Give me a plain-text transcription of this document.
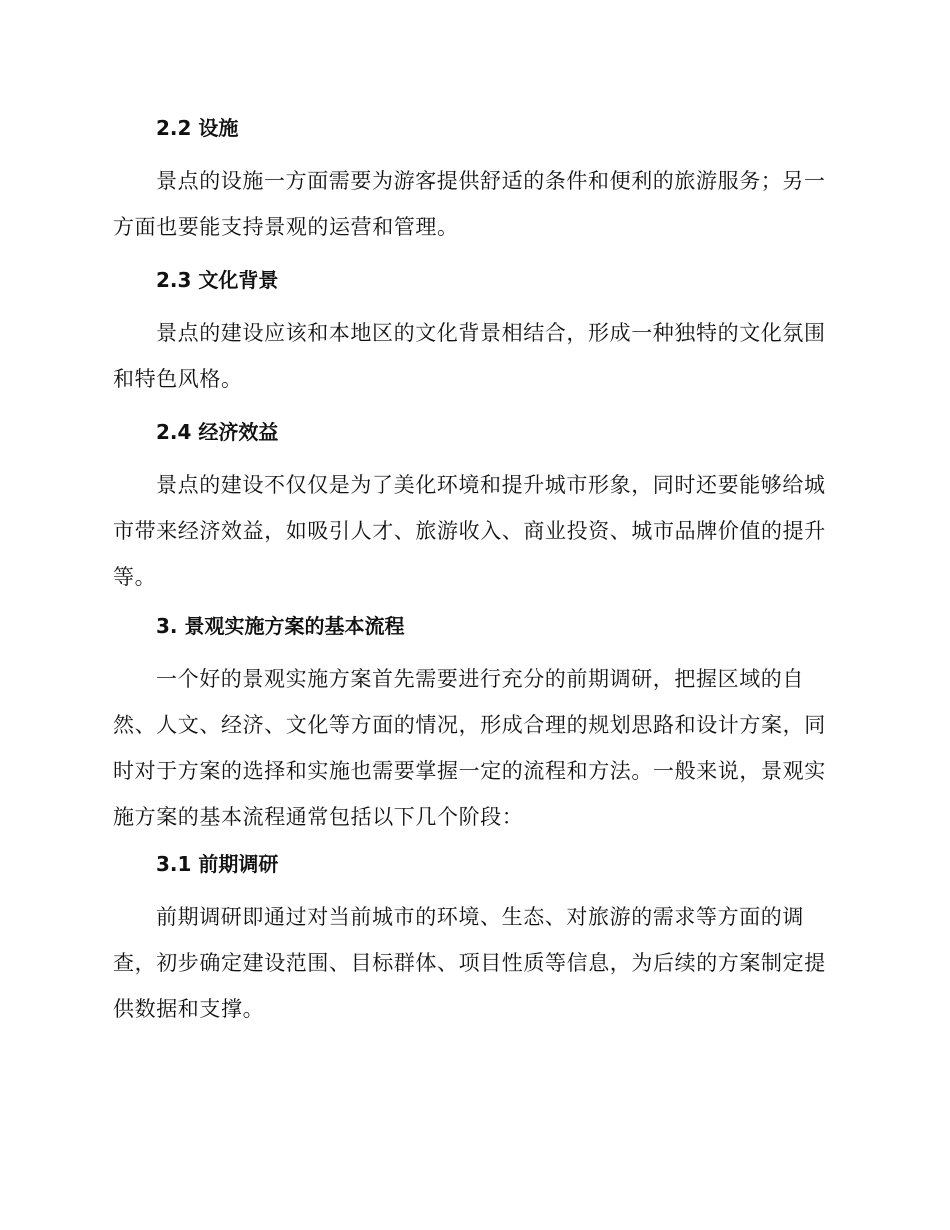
2.2 设施
景点的设施一方面需要为游客提供舒适的条件和便利的旅游服务；另一
方面也要能支持景观的运营和管理。
2.3 文化背景
景点的建设应该和本地区的文化背景相结合，形成一种独特的文化氛围
和特色风格。
2.4 经济效益
景点的建设不仅仅是为了美化环境和提升城市形象，同时还要能够给城
市带来经济效益，如吸引人才、旅游收入、商业投资、城市品牌价值的提升
等。
3. 景观实施方案的基本流程
一个好的景观实施方案首先需要进行充分的前期调研，把握区域的自
然、人文、经济、文化等方面的情况，形成合理的规划思路和设计方案，同
时对于方案的选择和实施也需要掌握一定的流程和方法。一般来说，景观实
施方案的基本流程通常包括以下几个阶段：
3.1 前期调研
前期调研即通过对当前城市的环境、生态、对旅游的需求等方面的调
查，初步确定建设范围、目标群体、项目性质等信息，为后续的方案制定提
供数据和支撑。
